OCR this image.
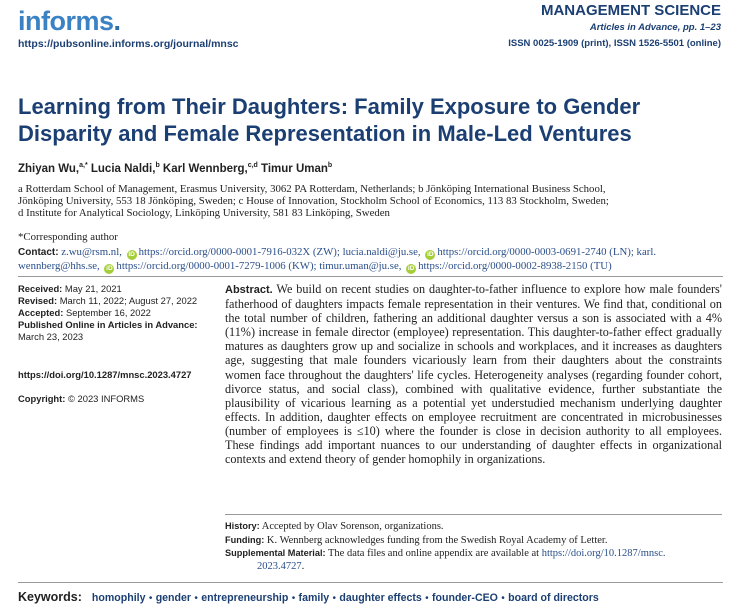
informs.
https://pubsonline.informs.org/journal/mnsc
MANAGEMENT SCIENCE
Articles in Advance, pp. 1–23
ISSN 0025-1909 (print), ISSN 1526-5501 (online)
Learning from Their Daughters: Family Exposure to Gender
Disparity and Female Representation in Male-Led Ventures
Zhiyan Wu,$^{a,*}$ Lucia Naldi,$^b$ Karl Wennberg,$^{c,d}$ Timur Uman$^b$
a Rotterdam School of Management, Erasmus University, 3062 PA Rotterdam, Netherlands; b Jönköping International Business School,
Jönköping University, 553 18 Jönköping, Sweden; c House of Innovation, Stockholm School of Economics, 113 83 Stockholm, Sweden;
d Institute for Analytical Sociology, Linköping University, 581 83 Linköping, Sweden
*Corresponding author
Contact: z.wu@rsm.nl, iD https://orcid.org/0000-0001-7916-032X (ZW); lucia.naldi@ju.se, iD https://orcid.org/0000-0003-0691-2740 (LN); karl.
wennberg@hhs.se, iD https://orcid.org/0000-0001-7279-1006 (KW); timur.uman@ju.se, iD https://orcid.org/0000-0002-8938-2150 (TU)
Received: May 21, 2021
Revised: March 11, 2022; August 27, 2022
Accepted: September 16, 2022
Published Online in Articles in Advance:
March 23, 2023
https://doi.org/10.1287/mnsc.2023.4727
Copyright: © 2023 INFORMS
Abstract. We build on recent studies on daughter-to-father influence to explore how male founders' fatherhood of daughters impacts female representation in their ventures. We find that, conditional on the total number of children, fathering an additional daughter versus a son is associated with a 4% (11%) increase in female director (employee) representation. This daughter-to-father effect gradually matures as daughters grow up and socialize in schools and workplaces, and it increases as daughters age, suggesting that male founders vicariously learn from their daughters about the constraints women face throughout the daughters' life cycles. Heterogeneity analyses (regarding founder cohort, divorce status, and social class), combined with qualitative evidence, further substantiate the plausibility of vicarious learning as a potential yet understudied mechanism underlying daughter effects. In addition, daughter effects on employee recruitment are concentrated in microbusinesses (number of employees is ≤10) where the founder is close in decision authority to all employees. These findings add important nuances to our understanding of daughter effects in organizational contexts and extend theory of gender homophily in organizations.
History: Accepted by Olav Sorenson, organizations.
Funding: K. Wennberg acknowledges funding from the Swedish Royal Academy of Letter.
Supplemental Material: The data files and online appendix are available at https://doi.org/10.1287/mnsc.
2023.4727.
Keywords: homophily • gender • entrepreneurship • family • daughter effects • founder-CEO • board of directors
